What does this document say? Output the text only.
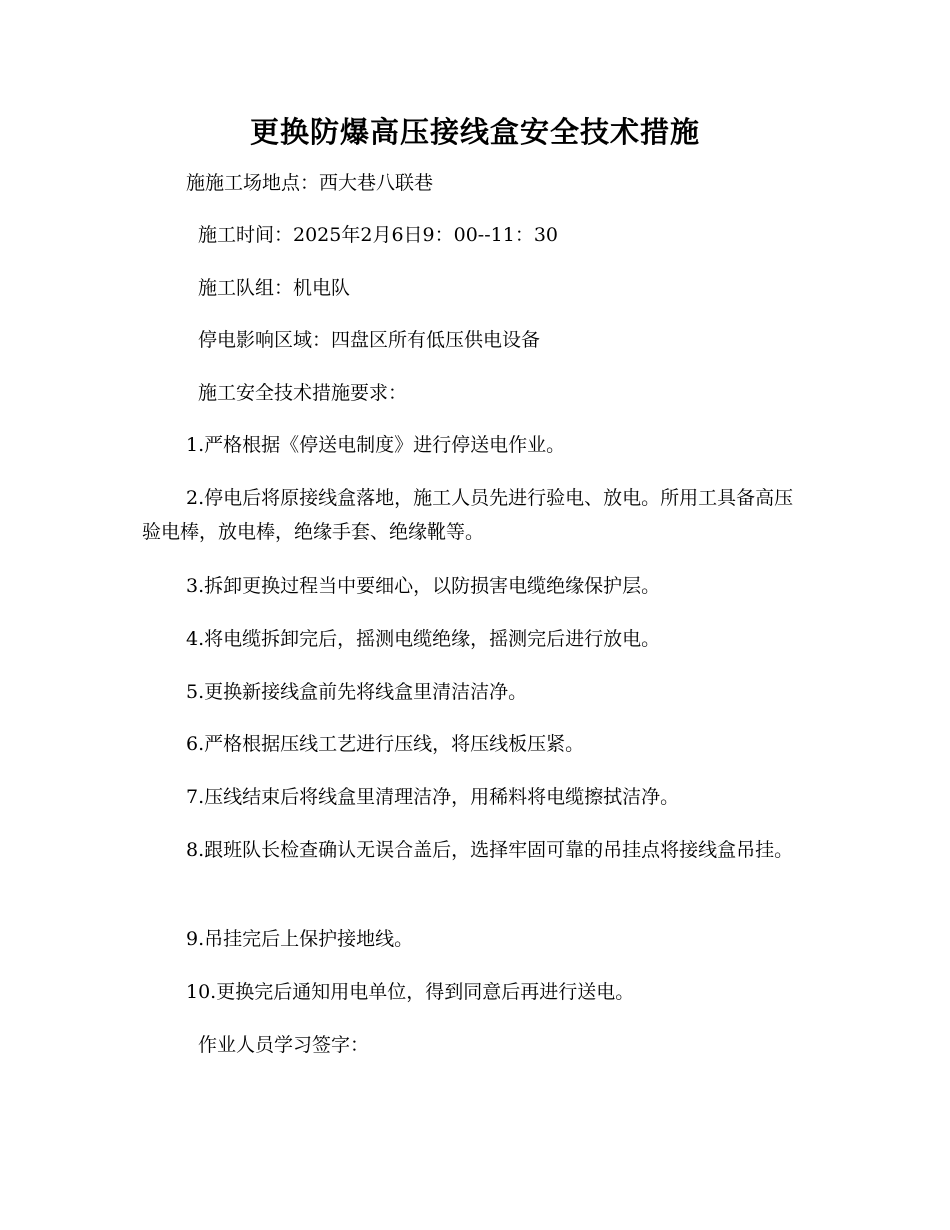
更换防爆高压接线盒安全技术措施
施施工场地点：西大巷八联巷
施工时间：2025年2月6日9：00--11：30
施工队组：机电队
停电影响区域：四盘区所有低压供电设备
施工安全技术措施要求：
1.严格根据《停送电制度》进行停送电作业。
2.停电后将原接线盒落地，施工人员先进行验电、放电。所用工具备高压验电棒，放电棒，绝缘手套、绝缘靴等。
3.拆卸更换过程当中要细心，以防损害电缆绝缘保护层。
4.将电缆拆卸完后，摇测电缆绝缘，摇测完后进行放电。
5.更换新接线盒前先将线盒里清洁洁净。
6.严格根据压线工艺进行压线，将压线板压紧。
7.压线结束后将线盒里清理洁净，用稀料将电缆擦拭洁净。
8.跟班队长检查确认无误合盖后，选择牢固可靠的吊挂点将接线盒吊挂。
9.吊挂完后上保护接地线。
10.更换完后通知用电单位，得到同意后再进行送电。
作业人员学习签字：
